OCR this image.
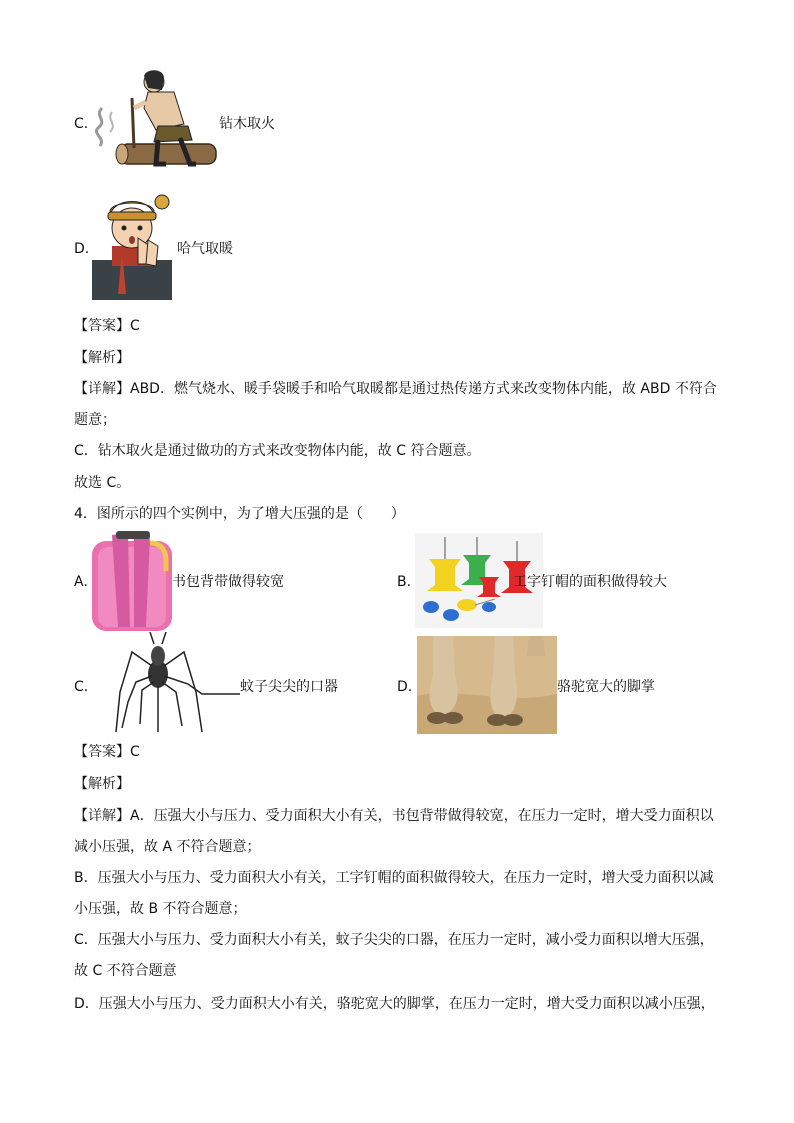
C.	钻木取火
D.	哈气取暖
【答案】C
【解析】
【详解】ABD．燃气烧水、暖手袋暖手和哈气取暖都是通过热传递方式来改变物体内能，故 ABD 不符合
题意；
C．钻木取火是通过做功的方式来改变物体内能，故 C 符合题意。
故选 C。
4．图所示的四个实例中，为了增大压强的是（　　）
A.	书包背带做得较宽	B.	工字钉帽的面积做得较大
C.	蚊子尖尖的口器	D.	骆驼宽大的脚掌
【答案】C
【解析】
【详解】A．压强大小与压力、受力面积大小有关，书包背带做得较宽，在压力一定时，增大受力面积以
减小压强，故 A 不符合题意；
B．压强大小与压力、受力面积大小有关，工字钉帽的面积做得较大，在压力一定时，增大受力面积以减
小压强，故 B 不符合题意；
C．压强大小与压力、受力面积大小有关，蚊子尖尖的口器，在压力一定时，减小受力面积以增大压强，
故 C 不符合题意
D．压强大小与压力、受力面积大小有关，骆驼宽大的脚掌，在压力一定时，增大受力面积以减小压强，
